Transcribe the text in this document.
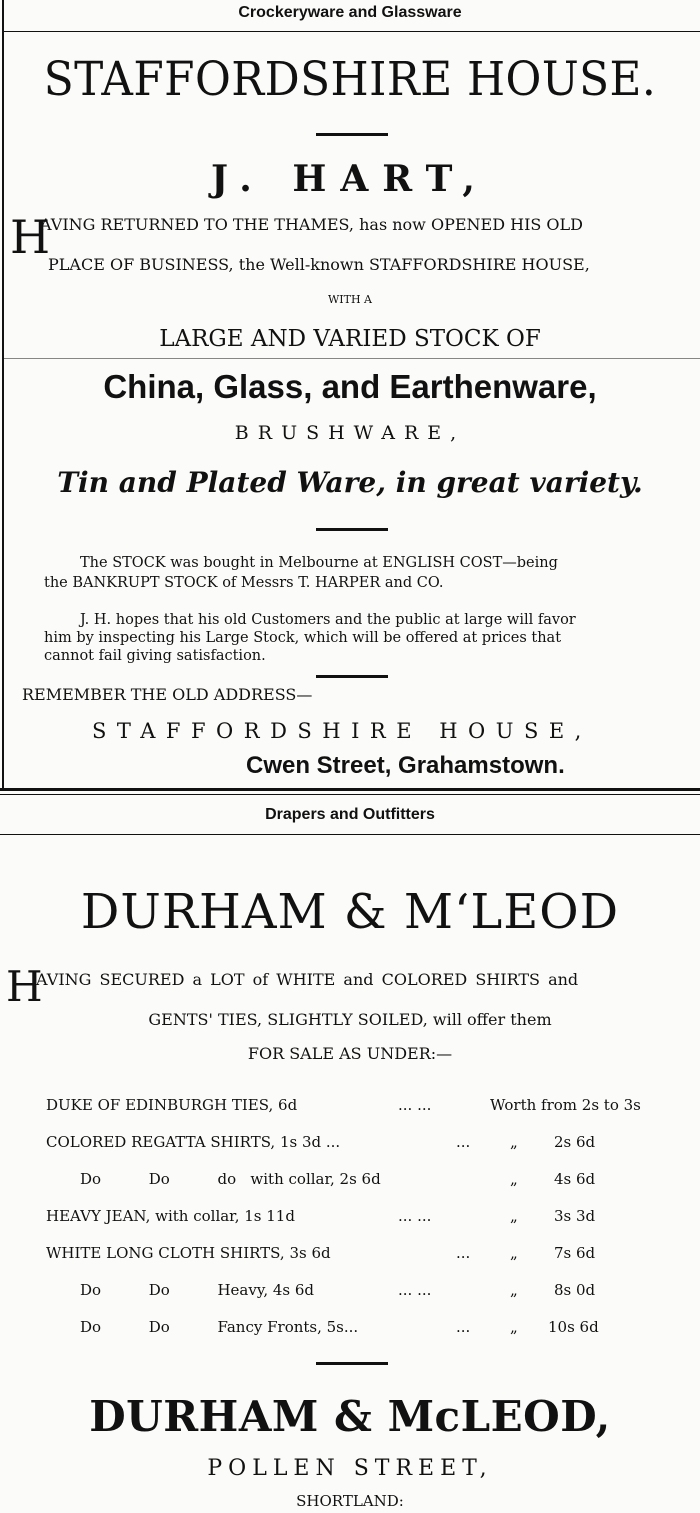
Crockeryware and Glassware
STAFFORDSHIRE HOUSE.
J. HART,
H
AVING RETURNED TO THE THAMES, has now OPENED HIS OLD
PLACE OF BUSINESS, the Well-known STAFFORDSHIRE HOUSE,
WITH A
LARGE AND VARIED STOCK OF
China, Glass, and Earthenware,
BRUSHWARE,
Tin and Plated Ware, in great variety.
The STOCK was bought in Melbourne at ENGLISH COST—being
the BANKRUPT STOCK of Messrs T. HARPER and CO.
J. H. hopes that his old Customers and the public at large will favor
him by inspecting his Large Stock, which will be offered at prices that
cannot fail giving satisfaction.
REMEMBER THE OLD ADDRESS—
STAFFORDSHIRE HOUSE,
Cwen Street, Grahamstown.
Drapers and Outfitters
DURHAM & M‘LEOD
H
AVING SECURED a LOT of WHITE and COLORED SHIRTS and
GENTS' TIES, SLIGHTLY SOILED, will offer them
FOR SALE AS UNDER:—
DUKE OF EDINBURGH TIES, 6d	... ...	Worth from 2s to 3s
COLORED REGATTA SHIRTS, 1s 3d ...	...	„ 2s 6d
Do          Do          do   with collar, 2s 6d	„ 4s 6d
HEAVY JEAN, with collar, 1s 11d	... ...	„ 3s 3d
WHITE LONG CLOTH SHIRTS, 3s 6d	...	„ 7s 6d
Do          Do          Heavy, 4s 6d	... ...	„ 8s 0d
Do          Do          Fancy Fronts, 5s...	...	„ 10s 6d
DURHAM & McLEOD,
POLLEN STREET,
SHORTLAND:
